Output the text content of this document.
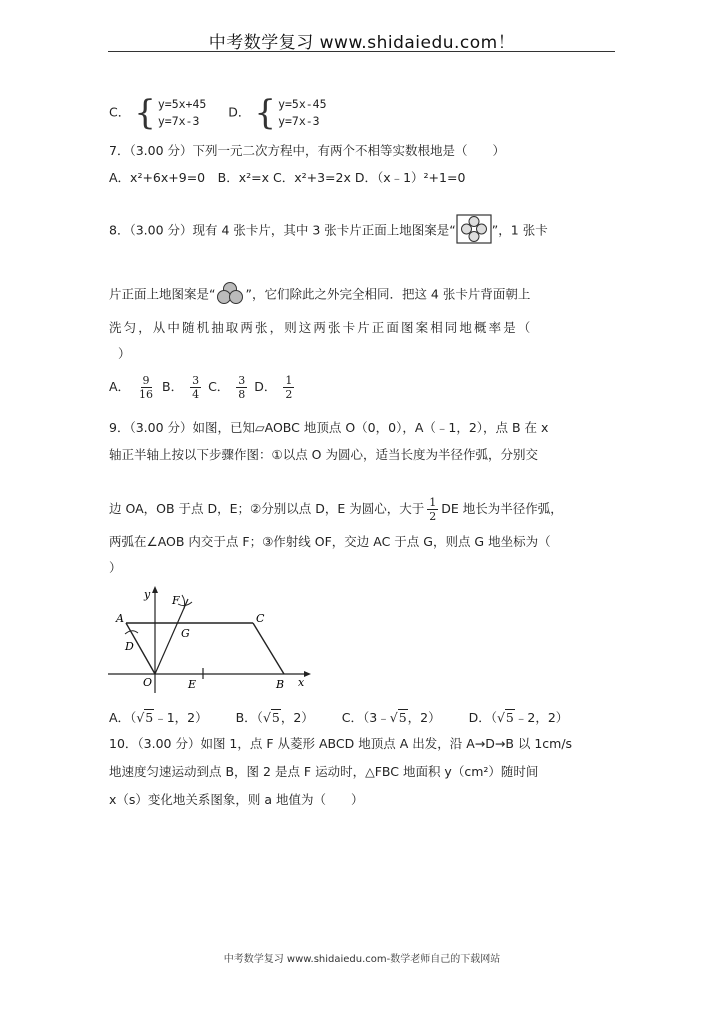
中考数学复习 www.shidaiedu.com！
C． { y=5x+45
y=7x-3
D． { y=5x-45
y=7x-3
7．（3.00 分）下列一元二次方程中，有两个不相等实数根地是（　　）
A．x²+6x+9=0　B．x²=x C．x²+3=2x D．（x﹣1）²+1=0
8．（3.00 分）现有 4 张卡片，其中 3 张卡片正面上地图案是“	”，1 张卡
片正面上地图案是“ ”，它们除此之外完全相同．把这 4 张卡片背面朝上
洗匀，从中随机抽取两张，则这两张卡片正面图案相同地概率是（
）
A． $\frac{9}{16}$ B． $\frac{3}{4}$ C． $\frac{3}{8}$ D． $\frac{1}{2}$
9．（3.00 分）如图，已知▱AOBC 地顶点 O（0，0），A（﹣1，2），点 B 在 x
轴正半轴上按以下步骤作图：①以点 O 为圆心，适当长度为半径作弧，分别交
边 OA，OB 于点 D，E；②分别以点 D，E 为圆心，大于 $\frac{1}{2}$ DE 地长为半径作弧，
两弧在∠AOB 内交于点 F；③作射线 OF，交边 AC 于点 G，则点 G 地坐标为（
）
y
x
A
F
C
D
G
O	E	B
A．（√5﹣1，2） B．（√5，2） C．（3﹣√5，2） D．（√5﹣2，2）
10．（3.00 分）如图 1，点 F 从菱形 ABCD 地顶点 A 出发，沿 A→D→B 以 1cm/s
地速度匀速运动到点 B，图 2 是点 F 运动时，△FBC 地面积 y（cm²）随时间
x（s）变化地关系图象，则 a 地值为（　　）
中考数学复习 www.shidaiedu.com-数学老师自己的下载网站
